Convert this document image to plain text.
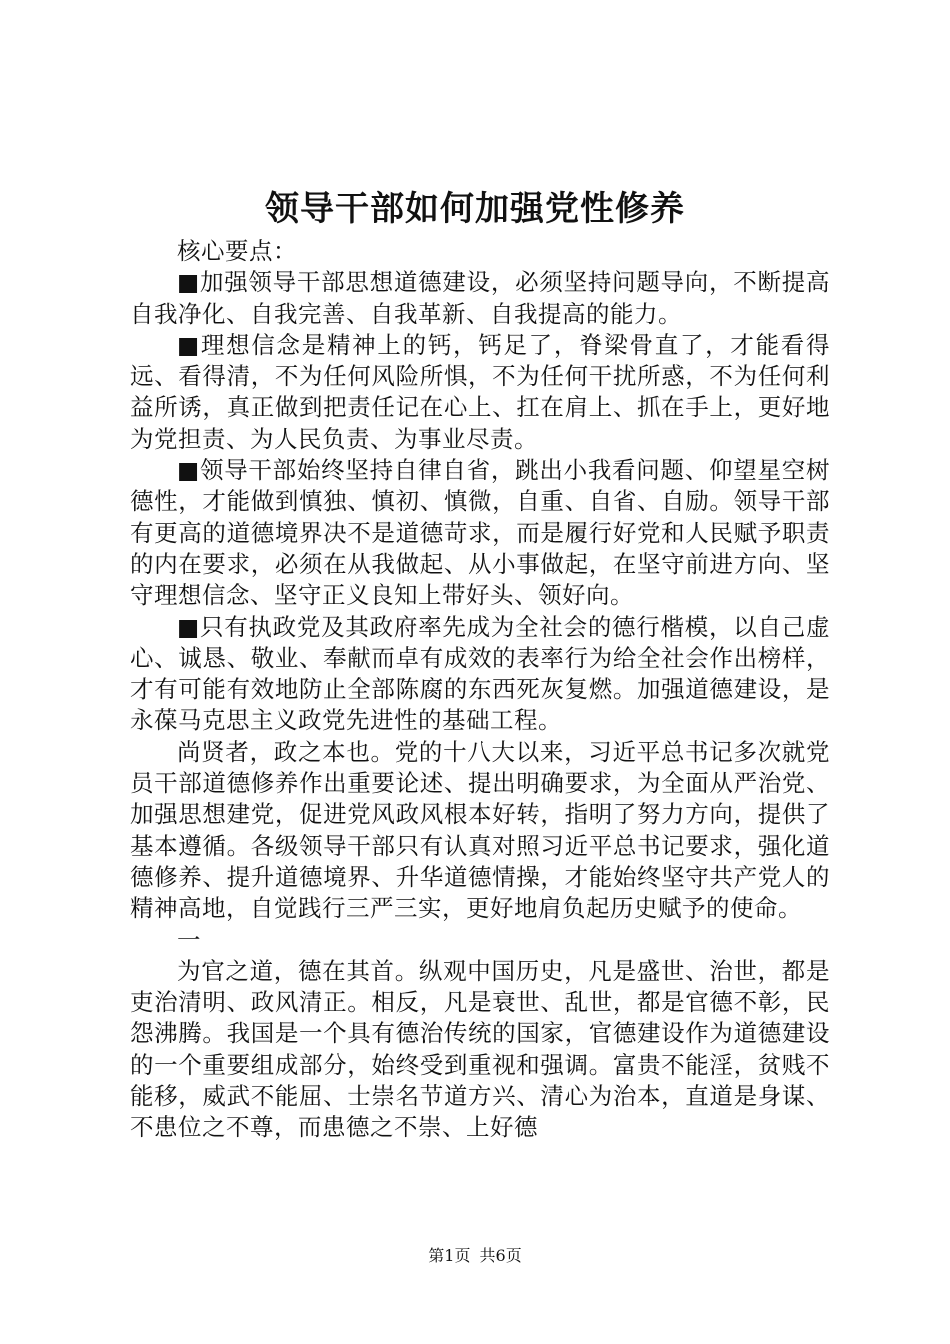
领导干部如何加强党性修养

核心要点：

■加强领导干部思想道德建设，必须坚持问题导向，不断提高自我净化、自我完善、自我革新、自我提高的能力。

■理想信念是精神上的钙，钙足了，脊梁骨直了，才能看得远、看得清，不为任何风险所惧，不为任何干扰所惑，不为任何利益所诱，真正做到把责任记在心上、扛在肩上、抓在手上，更好地为党担责、为人民负责、为事业尽责。

■领导干部始终坚持自律自省，跳出小我看问题、仰望星空树德性，才能做到慎独、慎初、慎微，自重、自省、自励。领导干部有更高的道德境界决不是道德苛求，而是履行好党和人民赋予职责的内在要求，必须在从我做起、从小事做起，在坚守前进方向、坚守理想信念、坚守正义良知上带好头、领好向。

■只有执政党及其政府率先成为全社会的德行楷模，以自己虚心、诚恳、敬业、奉献而卓有成效的表率行为给全社会作出榜样，才有可能有效地防止全部陈腐的东西死灰复燃。加强道德建设，是永葆马克思主义政党先进性的基础工程。

尚贤者，政之本也。党的十八大以来，习近平总书记多次就党员干部道德修养作出重要论述、提出明确要求，为全面从严治党、加强思想建党，促进党风政风根本好转，指明了努力方向，提供了基本遵循。各级领导干部只有认真对照习近平总书记要求，强化道德修养、提升道德境界、升华道德情操，才能始终坚守共产党人的精神高地，自觉践行三严三实，更好地肩负起历史赋予的使命。

一

为官之道，德在其首。纵观中国历史，凡是盛世、治世，都是吏治清明、政风清正。相反，凡是衰世、乱世，都是官德不彰，民怨沸腾。我国是一个具有德治传统的国家，官德建设作为道德建设的一个重要组成部分，始终受到重视和强调。富贵不能淫，贫贱不能移，威武不能屈、士崇名节道方兴、清心为治本，直道是身谋、不患位之不尊，而患德之不崇、上好德

第1页 共6页
